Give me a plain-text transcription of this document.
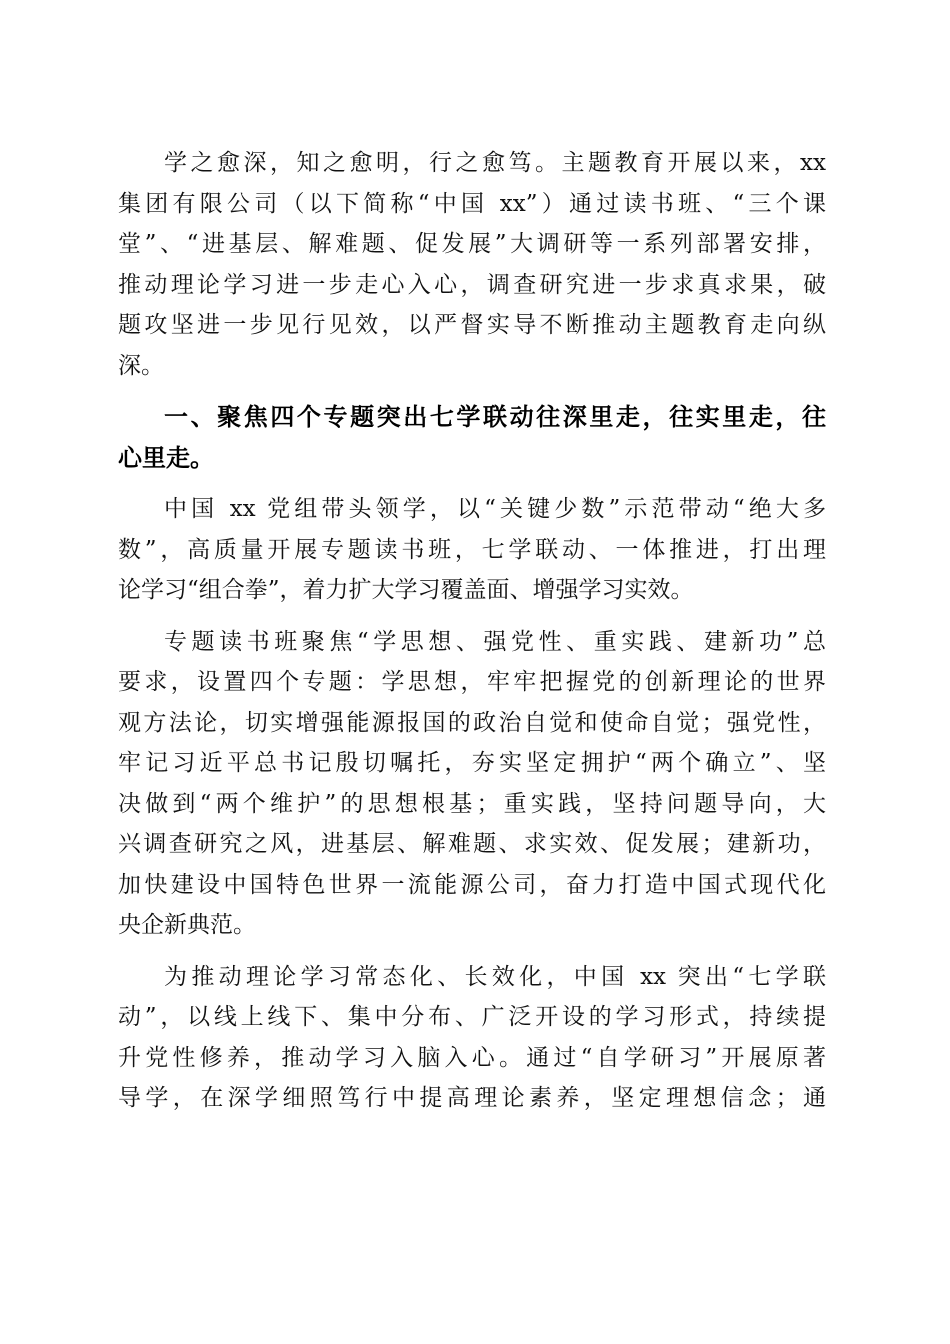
学之愈深，知之愈明，行之愈笃。主题教育开展以来，xx
集团有限公司（以下简称“中国 xx”）通过读书班、“三个课
堂”、“进基层、解难题、促发展”大调研等一系列部署安排，
推动理论学习进一步走心入心，调查研究进一步求真求果，破
题攻坚进一步见行见效，以严督实导不断推动主题教育走向纵
深。
一、聚焦四个专题突出七学联动往深里走，往实里走，往
心里走。
中国 xx 党组带头领学，以“关键少数”示范带动“绝大多
数”，高质量开展专题读书班，七学联动、一体推进，打出理
论学习“组合拳”，着力扩大学习覆盖面、增强学习实效。
专题读书班聚焦“学思想、强党性、重实践、建新功”总
要求，设置四个专题：学思想，牢牢把握党的创新理论的世界
观方法论，切实增强能源报国的政治自觉和使命自觉；强党性，
牢记习近平总书记殷切嘱托，夯实坚定拥护“两个确立”、坚
决做到“两个维护”的思想根基；重实践，坚持问题导向，大
兴调查研究之风，进基层、解难题、求实效、促发展；建新功，
加快建设中国特色世界一流能源公司，奋力打造中国式现代化
央企新典范。
为推动理论学习常态化、长效化，中国 xx 突出“七学联
动”，以线上线下、集中分布、广泛开设的学习形式，持续提
升党性修养，推动学习入脑入心。通过“自学研习”开展原著
导学，在深学细照笃行中提高理论素养，坚定理想信念；通
